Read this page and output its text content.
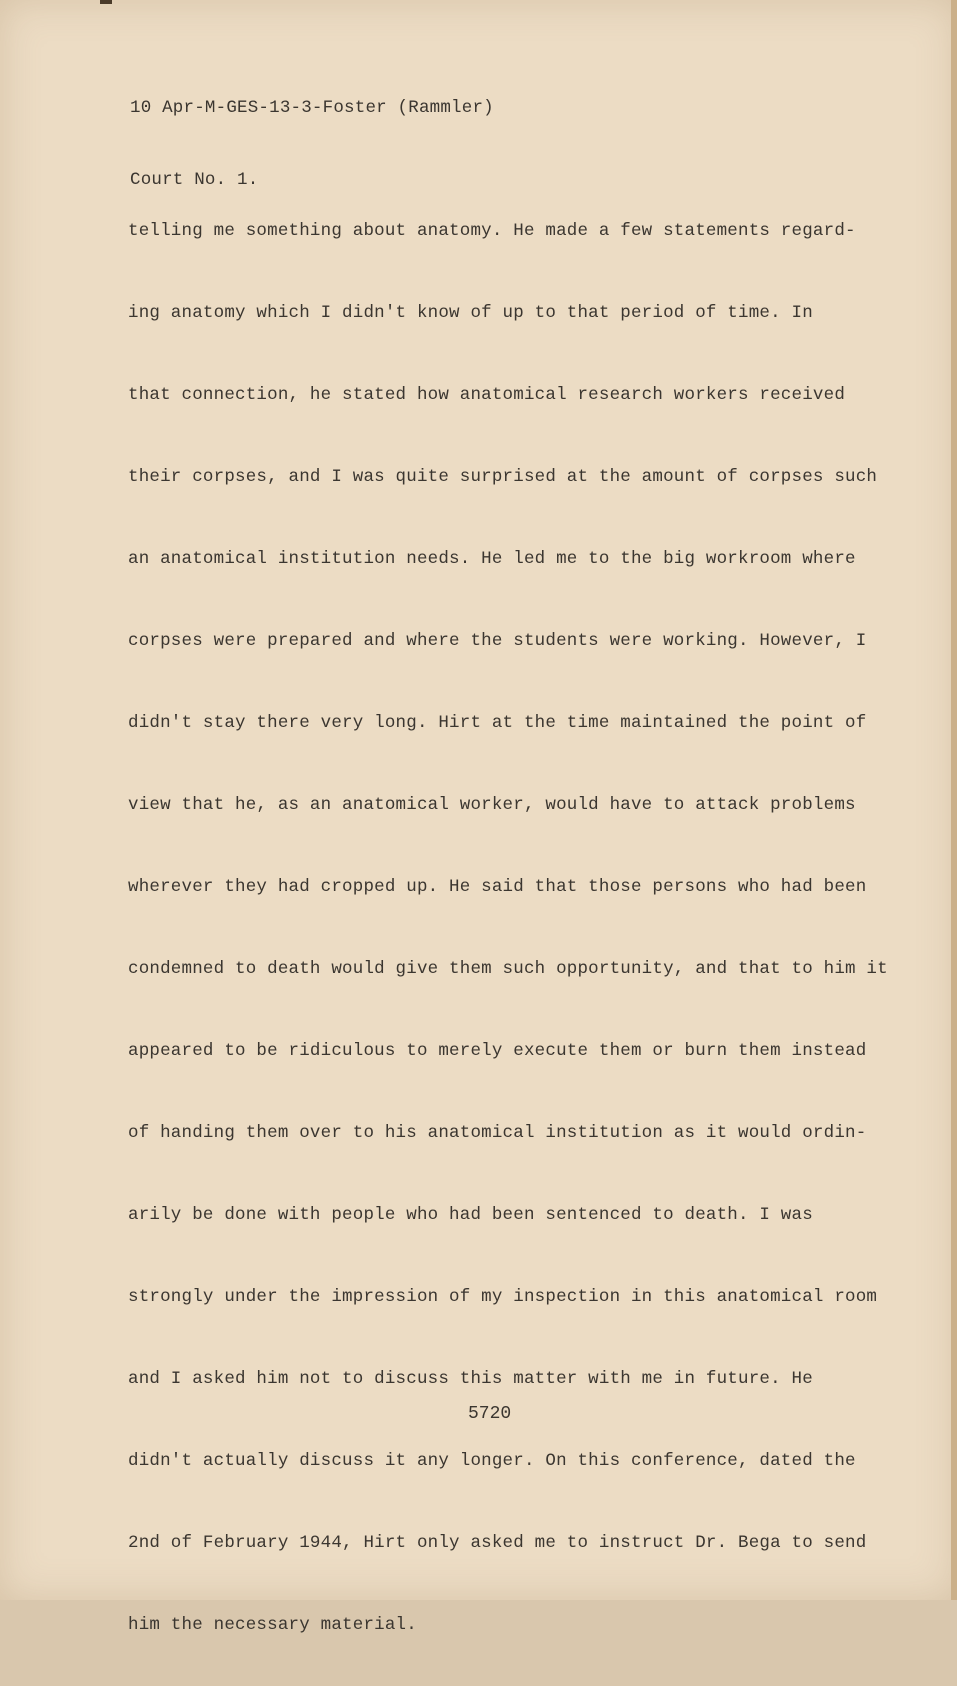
10 Apr-M-GES-13-3-Foster (Rammler)

Court No. 1.

telling me something about anatomy. He made a few statements regard-

ing anatomy which I didn't know of up to that period of time. In

that connection, he stated how anatomical research workers received

their corpses, and I was quite surprised at the amount of corpses such

an anatomical institution needs. He led me to the big workroom where

corpses were prepared and where the students were working. However, I

didn't stay there very long. Hirt at the time maintained the point of

view that he, as an anatomical worker, would have to attack problems

wherever they had cropped up. He said that those persons who had been

condemned to death would give them such opportunity, and that to him it

appeared to be ridiculous to merely execute them or burn them instead

of handing them over to his anatomical institution as it would ordin-

arily be done with people who had been sentenced to death. I was

strongly under the impression of my inspection in this anatomical room

and I asked him not to discuss this matter with me in future. He

didn't actually discuss it any longer. On this conference, dated the

2nd of February 1944, Hirt only asked me to instruct Dr. Bega to send

him the necessary material.

5720
